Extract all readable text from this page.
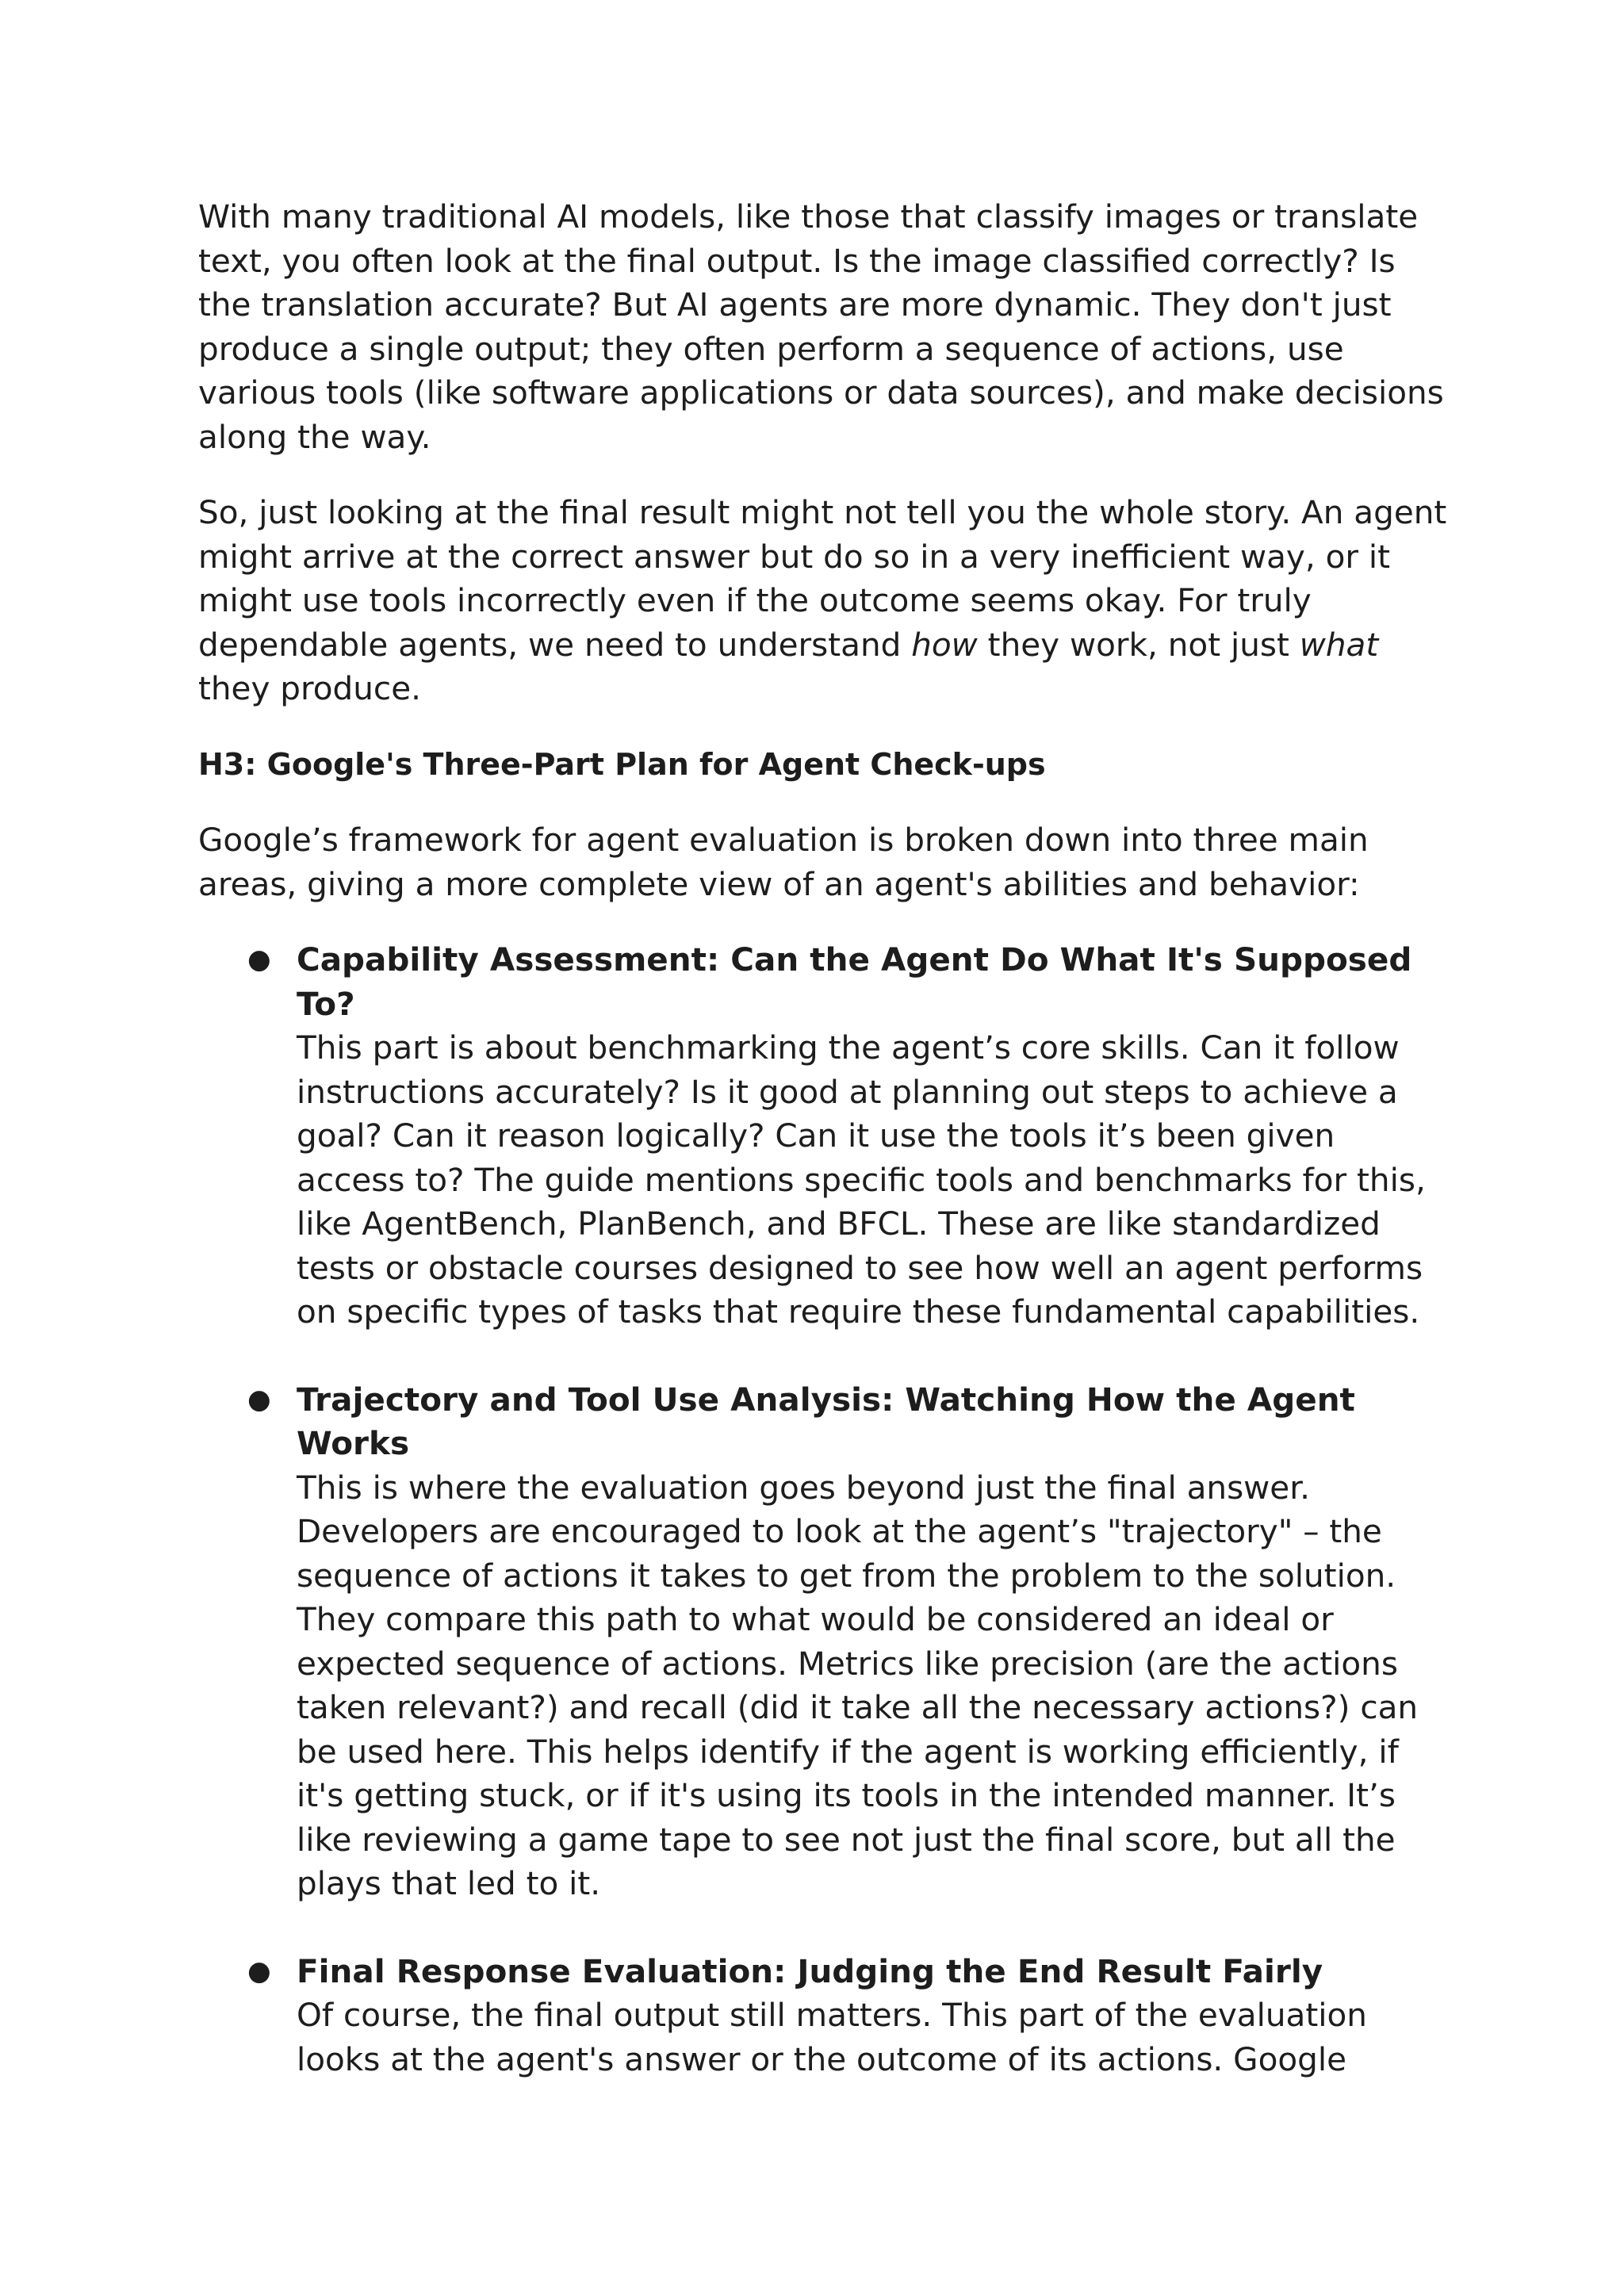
With many traditional AI models, like those that classify images or translate text, you often look at the final output. Is the image classified correctly? Is the translation accurate? But AI agents are more dynamic. They don't just produce a single output; they often perform a sequence of actions, use various tools (like software applications or data sources), and make decisions along the way.

So, just looking at the final result might not tell you the whole story. An agent might arrive at the correct answer but do so in a very inefficient way, or it might use tools incorrectly even if the outcome seems okay. For truly dependable agents, we need to understand how they work, not just what they produce.

H3: Google's Three-Part Plan for Agent Check-ups

Google’s framework for agent evaluation is broken down into three main areas, giving a more complete view of an agent's abilities and behavior:

● Capability Assessment: Can the Agent Do What It's Supposed To?
This part is about benchmarking the agent’s core skills. Can it follow instructions accurately? Is it good at planning out steps to achieve a goal? Can it reason logically? Can it use the tools it’s been given access to? The guide mentions specific tools and benchmarks for this, like AgentBench, PlanBench, and BFCL. These are like standardized tests or obstacle courses designed to see how well an agent performs on specific types of tasks that require these fundamental capabilities.
● Trajectory and Tool Use Analysis: Watching How the Agent Works
This is where the evaluation goes beyond just the final answer. Developers are encouraged to look at the agent’s "trajectory" – the sequence of actions it takes to get from the problem to the solution. They compare this path to what would be considered an ideal or expected sequence of actions. Metrics like precision (are the actions taken relevant?) and recall (did it take all the necessary actions?) can be used here. This helps identify if the agent is working efficiently, if it's getting stuck, or if it's using its tools in the intended manner. It’s like reviewing a game tape to see not just the final score, but all the plays that led to it.
● Final Response Evaluation: Judging the End Result Fairly
Of course, the final output still matters. This part of the evaluation looks at the agent's answer or the outcome of its actions. Google
